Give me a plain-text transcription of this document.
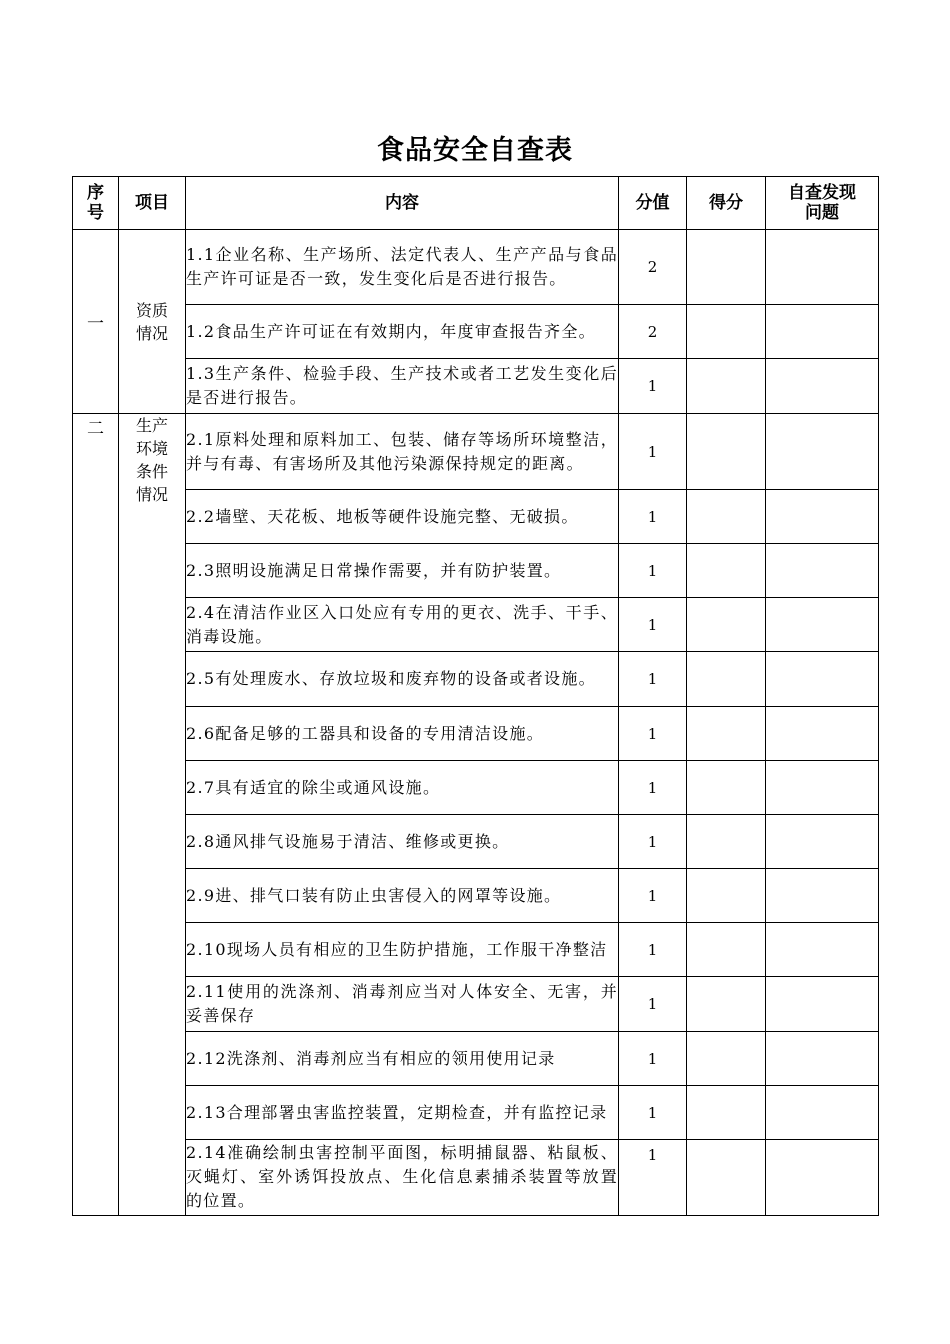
食品安全自查表
序号	项目	内容	分值	得分	自查发现问题
一	资质情况	1.1企业名称、生产场所、法定代表人、生产产品与食品生产许可证是否一致，发生变化后是否进行报告。	2		
		1.2食品生产许可证在有效期内，年度审查报告齐全。	2		
		1.3生产条件、检验手段、生产技术或者工艺发生变化后是否进行报告。	1		
二	生产环境条件情况	2.1原料处理和原料加工、包装、储存等场所环境整洁，并与有毒、有害场所及其他污染源保持规定的距离。	1		
		2.2墙壁、天花板、地板等硬件设施完整、无破损。	1		
		2.3照明设施满足日常操作需要，并有防护装置。	1		
		2.4在清洁作业区入口处应有专用的更衣、洗手、干手、消毒设施。	1		
		2.5有处理废水、存放垃圾和废弃物的设备或者设施。	1		
		2.6配备足够的工器具和设备的专用清洁设施。	1		
		2.7具有适宜的除尘或通风设施。	1		
		2.8通风排气设施易于清洁、维修或更换。	1		
		2.9进、排气口装有防止虫害侵入的网罩等设施。	1		
		2.10现场人员有相应的卫生防护措施，工作服干净整洁	1		
		2.11使用的洗涤剂、消毒剂应当对人体安全、无害，并妥善保存	1		
		2.12洗涤剂、消毒剂应当有相应的领用使用记录	1		
		2.13合理部署虫害监控装置，定期检查，并有监控记录	1		
		2.14准确绘制虫害控制平面图，标明捕鼠器、粘鼠板、灭蝇灯、室外诱饵投放点、生化信息素捕杀装置等放置的位置。	1		
